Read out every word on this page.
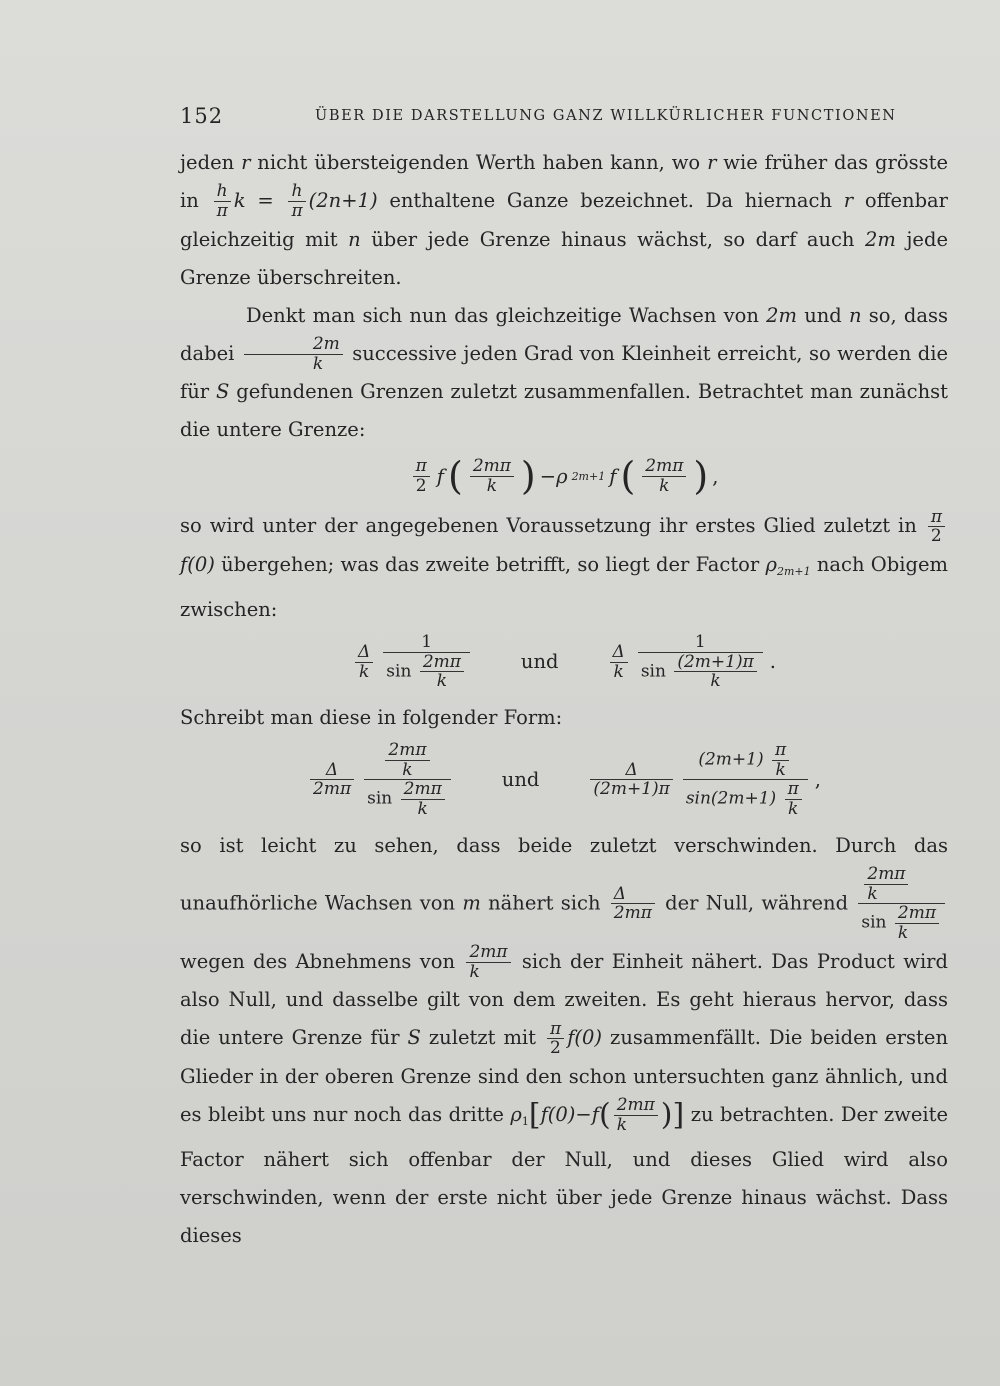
152	ÜBER DIE DARSTELLUNG GANZ WILLKÜRLICHER FUNCTIONEN

jeden r nicht übersteigenden Werth haben kann, wo r wie früher das grösste in $\frac{h}{\pi}$ $k = \frac{h}{\pi} (2n+1)$ enthaltene Ganze bezeichnet. Da hiernach r offenbar gleichzeitig mit n über jede Grenze hinaus wächst, so darf auch 2m jede Grenze überschreiten.

Denkt man sich nun das gleichzeitige Wachsen von 2m und n so, dass dabei $\frac{2m}{k}$ successive jeden Grad von Kleinheit erreicht, so werden die für S gefundenen Grenzen zuletzt zusammenfallen. Betrachtet man zunächst die untere Grenze:

$\frac{\pi}{2}$ f ( $\frac{2m\pi}{k}$ ) −ρ 2m+1 f ( $\frac{2m\pi}{k}$ ) ,

so wird unter der angegebenen Voraussetzung ihr erstes Glied zuletzt in $\frac{\pi}{2}$
f(0) übergehen; was das zweite betrifft, so liegt der Factor $\rho_{2m+1}$ nach Obigem zwischen:

$\frac{\Delta}{k} \frac{1}{\sin \frac{2m\pi}{k}}$	und	$\frac{\Delta}{k} \frac{1}{\sin \frac{(2m+1)\pi}{k}}$ .

Schreibt man diese in folgender Form:

$\frac{\Delta}{2m\pi} \frac{\frac{2m\pi}{k}}{\sin \frac{2m\pi}{k}}$	und	$\frac{\Delta}{(2m+1)\pi} \frac{(2m+1) \frac{\pi}{k}}{\sin(2m+1) \frac{\pi}{k}}$ ,

so ist leicht zu sehen, dass beide zuletzt verschwinden. Durch das unaufhörliche Wachsen von m nähert sich $\frac{\Delta}{2m\pi}$ der Null, während $\frac{\frac{2m\pi}{k}}{\sin \frac{2m\pi}{k}}$
wegen des Abnehmens von $\frac{2m\pi}{k}$ sich der Einheit nähert. Das Product wird also Null, und dasselbe gilt von dem zweiten. Es geht hieraus hervor, dass die untere Grenze für S zuletzt mit $\frac{\pi}{2} f(0)$ zusammenfällt. Die beiden ersten Glieder in der oberen Grenze sind den schon untersuchten ganz ähnlich, und es bleibt uns nur noch das dritte $\rho_1[f(0)-f( \frac{2m\pi}{k}$ )] zu betrachten. Der zweite Factor nähert sich offenbar der Null, und dieses Glied wird also verschwinden, wenn der erste nicht über jede Grenze hinaus wächst. Dass dieses
